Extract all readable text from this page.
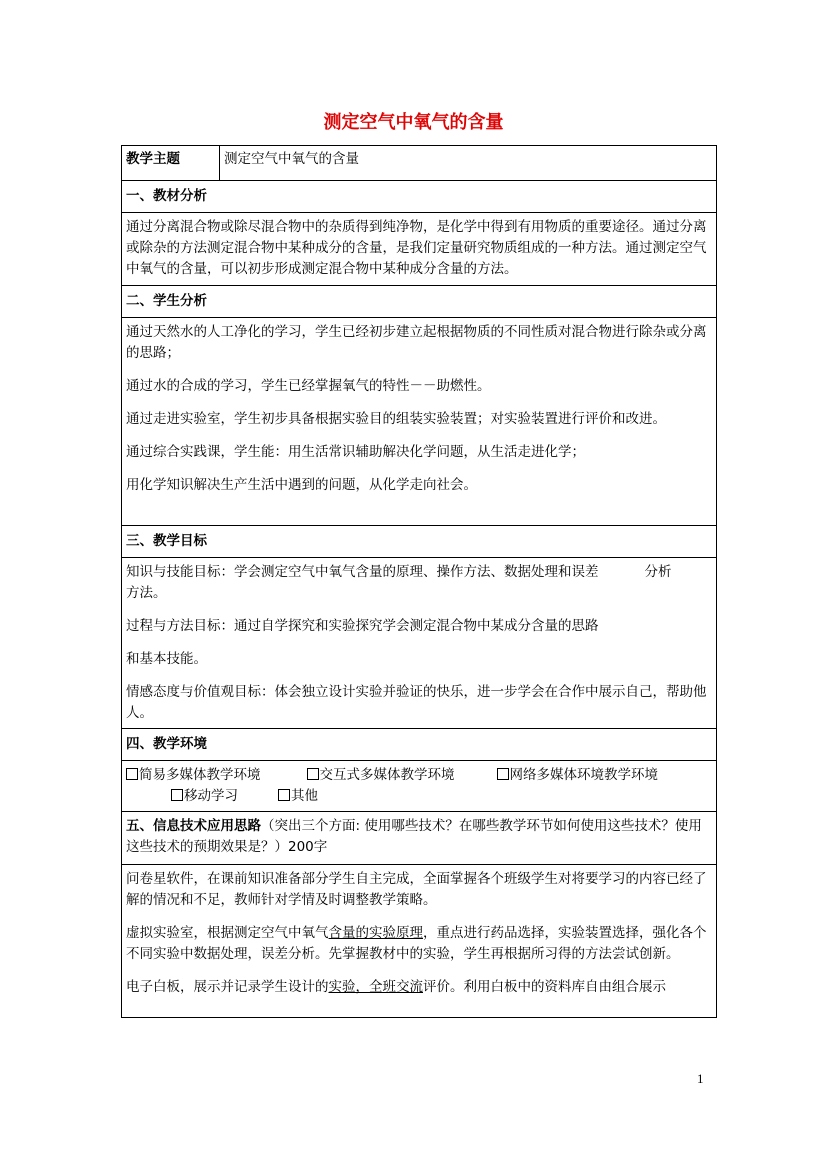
测定空气中氧气的含量
教学主题	测定空气中氧气的含量
一、教材分析

通过分离混合物或除尽混合物中的杂质得到纯净物，是化学中得到有用物质的重要途径。通过分离或除杂的方法测定混合物中某种成分的含量，是我们定量研究物质组成的一种方法。通过测定空气中氧气的含量，可以初步形成测定混合物中某种成分含量的方法。

二、学生分析

通过天然水的人工净化的学习，学生已经初步建立起根据物质的不同性质对混合物进行除杂或分离的思路；

通过水的合成的学习，学生已经掌握氧气的特性－－助燃性。

通过走进实验室，学生初步具备根据实验目的组装实验装置；对实验装置进行评价和改进。

通过综合实践课，学生能：用生活常识辅助解决化学问题，从生活走进化学；

用化学知识解决生产生活中遇到的问题，从化学走向社会。

三、教学目标

知识与技能目标：学会测定空气中氧气含量的原理、操作方法、数据处理和误差	分析
方法。

过程与方法目标：通过自学探究和实验探究学会测定混合物中某成分含量的思路

和基本技能。

情感态度与价值观目标：体会独立设计实验并验证的快乐，进一步学会在合作中展示自己，帮助他人。

四、教学环境

简易多媒体教学环境	交互式多媒体教学环境	网络多媒体环境教学环境
移动学习	其他

五、信息技术应用思路（突出三个方面: 使用哪些技术？在哪些教学环节如何使用这些技术？使用这些技术的预期效果是？）200字

问卷星软件，在课前知识准备部分学生自主完成，全面掌握各个班级学生对将要学习的内容已经了解的情况和不足，教师针对学情及时调整教学策略。

虚拟实验室，根据测定空气中氧气含量的实验原理，重点进行药品选择，实验装置选择，强化各个不同实验中数据处理，误差分析。先掌握教材中的实验，学生再根据所习得的方法尝试创新。

电子白板，展示并记录学生设计的实验，全班交流评价。利用白板中的资料库自由组合展示

1
